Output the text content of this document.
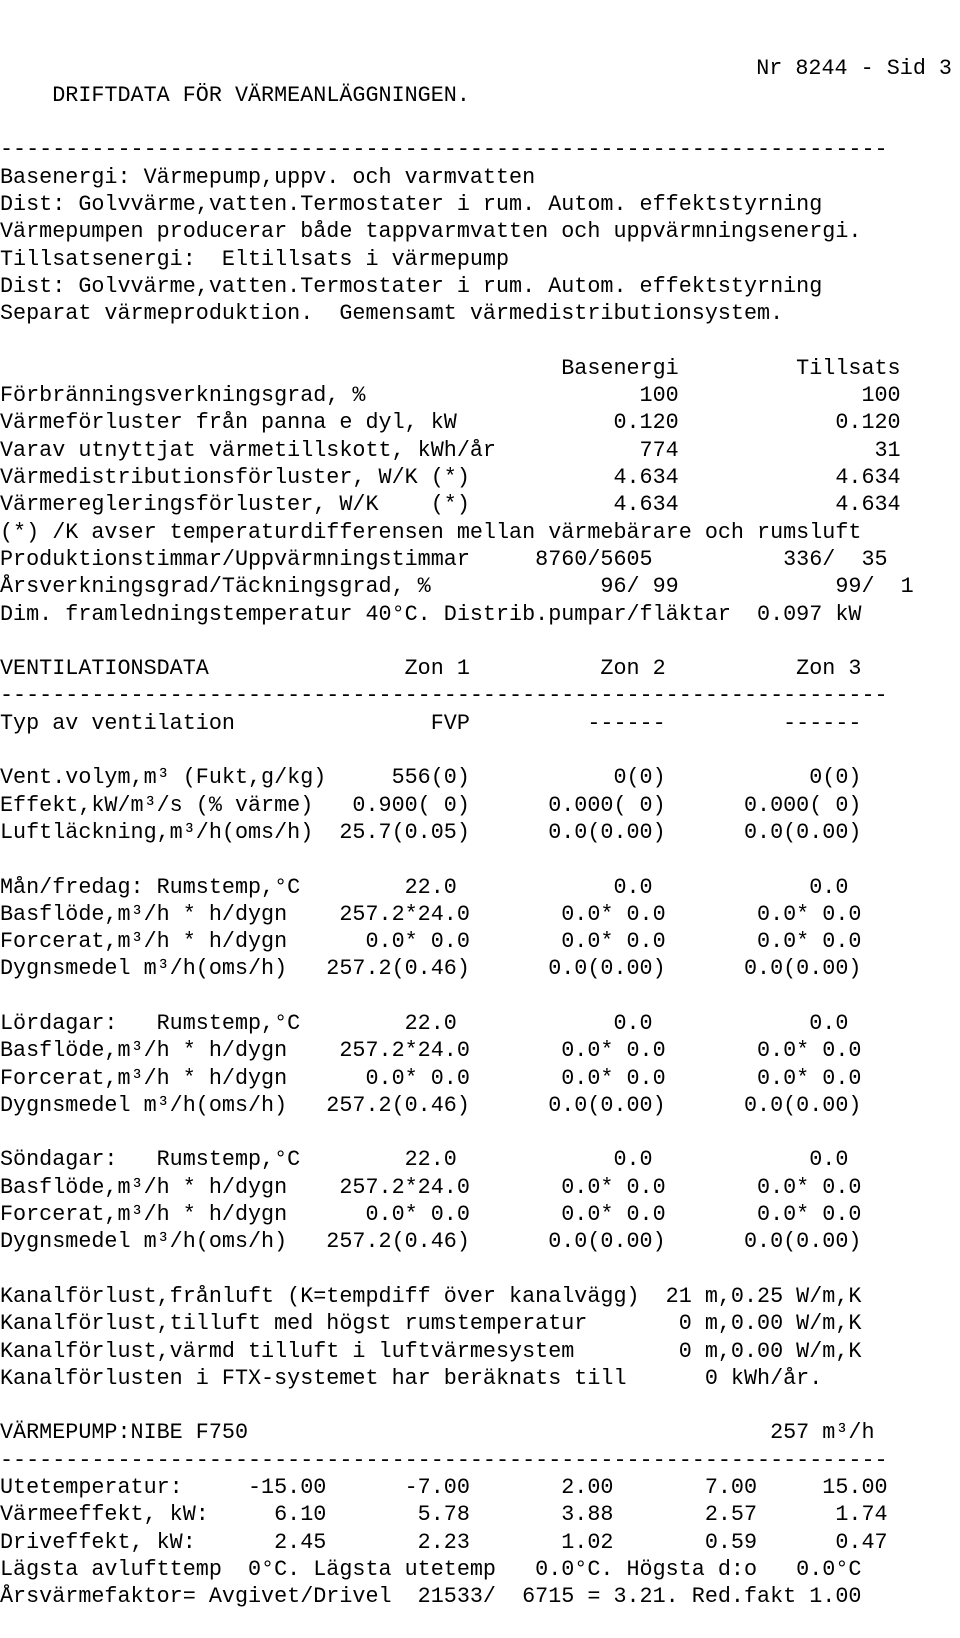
DRIFTDATA FÖR VÄRMEANLÄGGNINGEN.

Nr 8244 - Sid 3

--------------------------------------------------------------------
Basenergi: Värmepump,uppv. och varmvatten
Dist: Golvvärme,vatten.Termostater i rum. Autom. effektstyrning
Värmepumpen producerar både tappvarmvatten och uppvärmningsenergi.
Tillsatsenergi:  Eltillsats i värmepump
Dist: Golvvärme,vatten.Termostater i rum. Autom. effektstyrning
Separat värmeproduktion.  Gemensamt värmedistributionsystem.
Basenergi         Tillsats
Förbränningsverkningsgrad, %                     100              100
Värmeförluster från panna e dyl, kW            0.120            0.120
Varav utnyttjat värmetillskott, kWh/år           774               31
Värmedistributionsförluster, W/K (*)           4.634            4.634
Värmeregleringsförluster, W/K    (*)           4.634            4.634
(*) /K avser temperaturdifferensen mellan värmebärare och rumsluft
Produktionstimmar/Uppvärmningstimmar     8760/5605          336/  35
Årsverkningsgrad/Täckningsgrad, %             96/ 99            99/  1
Dim. framledningstemperatur 40°C. Distrib.pumpar/fläktar  0.097 kW
VENTILATIONSDATA               Zon 1          Zon 2          Zon 3
--------------------------------------------------------------------
Typ av ventilation               FVP         ------         ------
Vent.volym,m³ (Fukt,g/kg)     556(0)           0(0)           0(0)
Effekt,kW/m³/s (% värme)   0.900( 0)      0.000( 0)      0.000( 0)
Luftläckning,m³/h(oms/h)  25.7(0.05)      0.0(0.00)      0.0(0.00)
Mån/fredag: Rumstemp,°C        22.0            0.0            0.0
Basflöde,m³/h * h/dygn    257.2*24.0       0.0* 0.0       0.0* 0.0
Forcerat,m³/h * h/dygn      0.0* 0.0       0.0* 0.0       0.0* 0.0
Dygnsmedel m³/h(oms/h)   257.2(0.46)      0.0(0.00)      0.0(0.00)
Lördagar:   Rumstemp,°C        22.0            0.0            0.0
Basflöde,m³/h * h/dygn    257.2*24.0       0.0* 0.0       0.0* 0.0
Forcerat,m³/h * h/dygn      0.0* 0.0       0.0* 0.0       0.0* 0.0
Dygnsmedel m³/h(oms/h)   257.2(0.46)      0.0(0.00)      0.0(0.00)
Söndagar:   Rumstemp,°C        22.0            0.0            0.0
Basflöde,m³/h * h/dygn    257.2*24.0       0.0* 0.0       0.0* 0.0
Forcerat,m³/h * h/dygn      0.0* 0.0       0.0* 0.0       0.0* 0.0
Dygnsmedel m³/h(oms/h)   257.2(0.46)      0.0(0.00)      0.0(0.00)
Kanalförlust,frånluft (K=tempdiff över kanalvägg)  21 m,0.25 W/m,K
Kanalförlust,tilluft med högst rumstemperatur       0 m,0.00 W/m,K
Kanalförlust,värmd tilluft i luftvärmesystem        0 m,0.00 W/m,K
Kanalförlusten i FTX-systemet har beräknats till      0 kWh/år.
VÄRMEPUMP:NIBE F750                                        257 m³/h
--------------------------------------------------------------------
Utetemperatur:     -15.00      -7.00       2.00       7.00     15.00
Värmeeffekt, kW:     6.10       5.78       3.88       2.57      1.74
Driveffekt, kW:      2.45       2.23       1.02       0.59      0.47
Lägsta avlufttemp  0°C. Lägsta utetemp   0.0°C. Högsta d:o   0.0°C
Årsvärmefaktor= Avgivet/Drivel  21533/  6715 = 3.21. Red.fakt 1.00
